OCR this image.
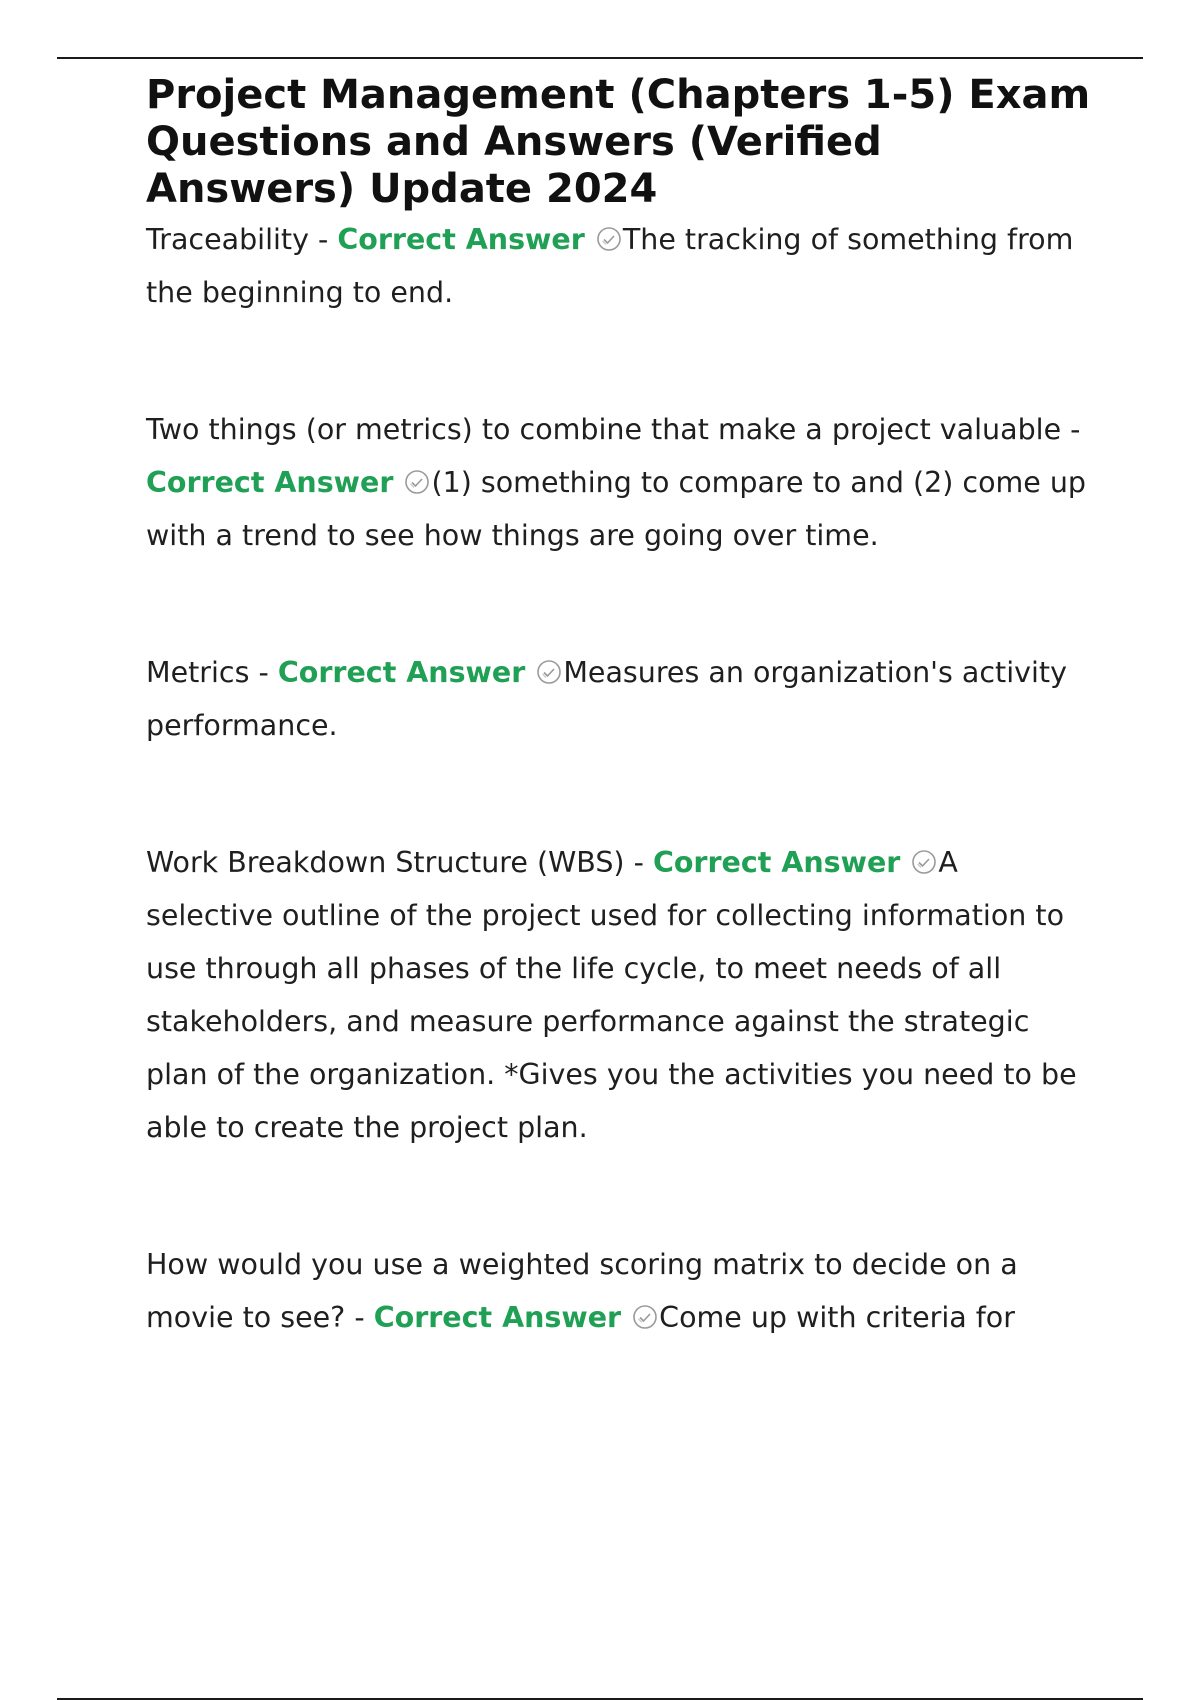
Project Management (Chapters 1-5) Exam Questions and Answers (Verified Answers) Update 2024

Traceability - Correct Answer The tracking of something from the beginning to end.

Two things (or metrics) to combine that make a project valuable - Correct Answer (1) something to compare to and (2) come up with a trend to see how things are going over time.

Metrics - Correct Answer Measures an organization's activity performance.

Work Breakdown Structure (WBS) - Correct Answer A selective outline of the project used for collecting information to use through all phases of the life cycle, to meet needs of all stakeholders, and measure performance against the strategic plan of the organization. *Gives you the activities you need to be able to create the project plan.

How would you use a weighted scoring matrix to decide on a movie to see? - Correct Answer Come up with criteria for
